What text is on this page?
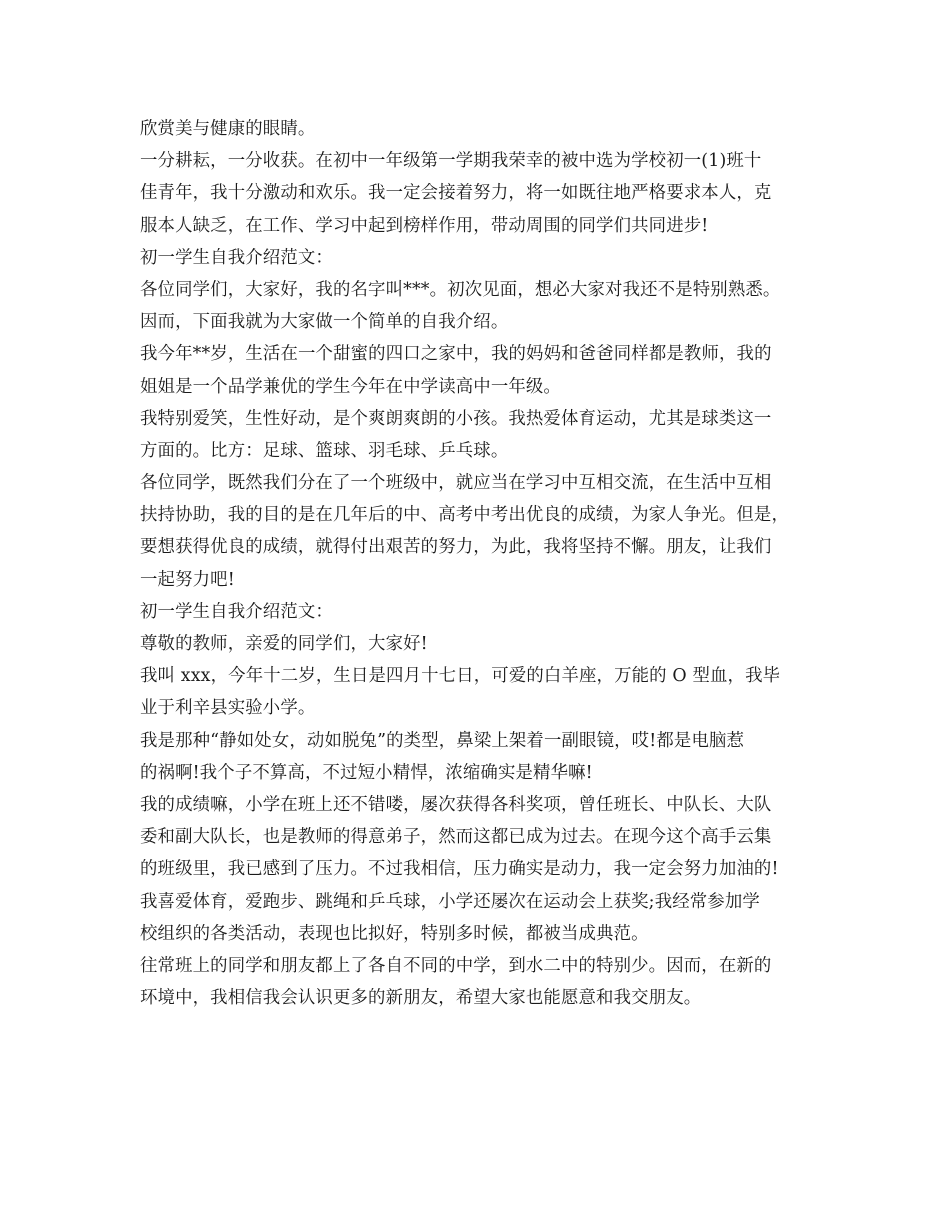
欣赏美与健康的眼睛。

一分耕耘，一分收获。在初中一年级第一学期我荣幸的被中选为学校初一(1)班十

佳青年，我十分激动和欢乐。我一定会接着努力，将一如既往地严格要求本人，克

服本人缺乏，在工作、学习中起到榜样作用，带动周围的同学们共同进步!

初一学生自我介绍范文：

各位同学们，大家好，我的名字叫***。初次见面，想必大家对我还不是特别熟悉。

因而，下面我就为大家做一个简单的自我介绍。

我今年**岁，生活在一个甜蜜的四口之家中，我的妈妈和爸爸同样都是教师，我的

姐姐是一个品学兼优的学生今年在中学读高中一年级。

我特别爱笑，生性好动，是个爽朗爽朗的小孩。我热爱体育运动，尤其是球类这一

方面的。比方：足球、篮球、羽毛球、乒乓球。

各位同学，既然我们分在了一个班级中，就应当在学习中互相交流，在生活中互相

扶持协助，我的目的是在几年后的中、高考中考出优良的成绩，为家人争光。但是，

要想获得优良的成绩，就得付出艰苦的努力，为此，我将坚持不懈。朋友，让我们

一起努力吧!

初一学生自我介绍范文：

尊敬的教师，亲爱的同学们，大家好!

我叫 xxx，今年十二岁，生日是四月十七日，可爱的白羊座，万能的 O 型血，我毕

业于利辛县实验小学。

我是那种“静如处女，动如脱兔”的类型，鼻梁上架着一副眼镜，哎!都是电脑惹

的祸啊!我个子不算高，不过短小精悍，浓缩确实是精华嘛!

我的成绩嘛，小学在班上还不错喽，屡次获得各科奖项，曾任班长、中队长、大队

委和副大队长，也是教师的得意弟子，然而这都已成为过去。在现今这个高手云集

的班级里，我已感到了压力。不过我相信，压力确实是动力，我一定会努力加油的!

我喜爱体育，爱跑步、跳绳和乒乓球，小学还屡次在运动会上获奖;我经常参加学

校组织的各类活动，表现也比拟好，特别多时候，都被当成典范。

往常班上的同学和朋友都上了各自不同的中学，到水二中的特别少。因而，在新的

环境中，我相信我会认识更多的新朋友，希望大家也能愿意和我交朋友。
